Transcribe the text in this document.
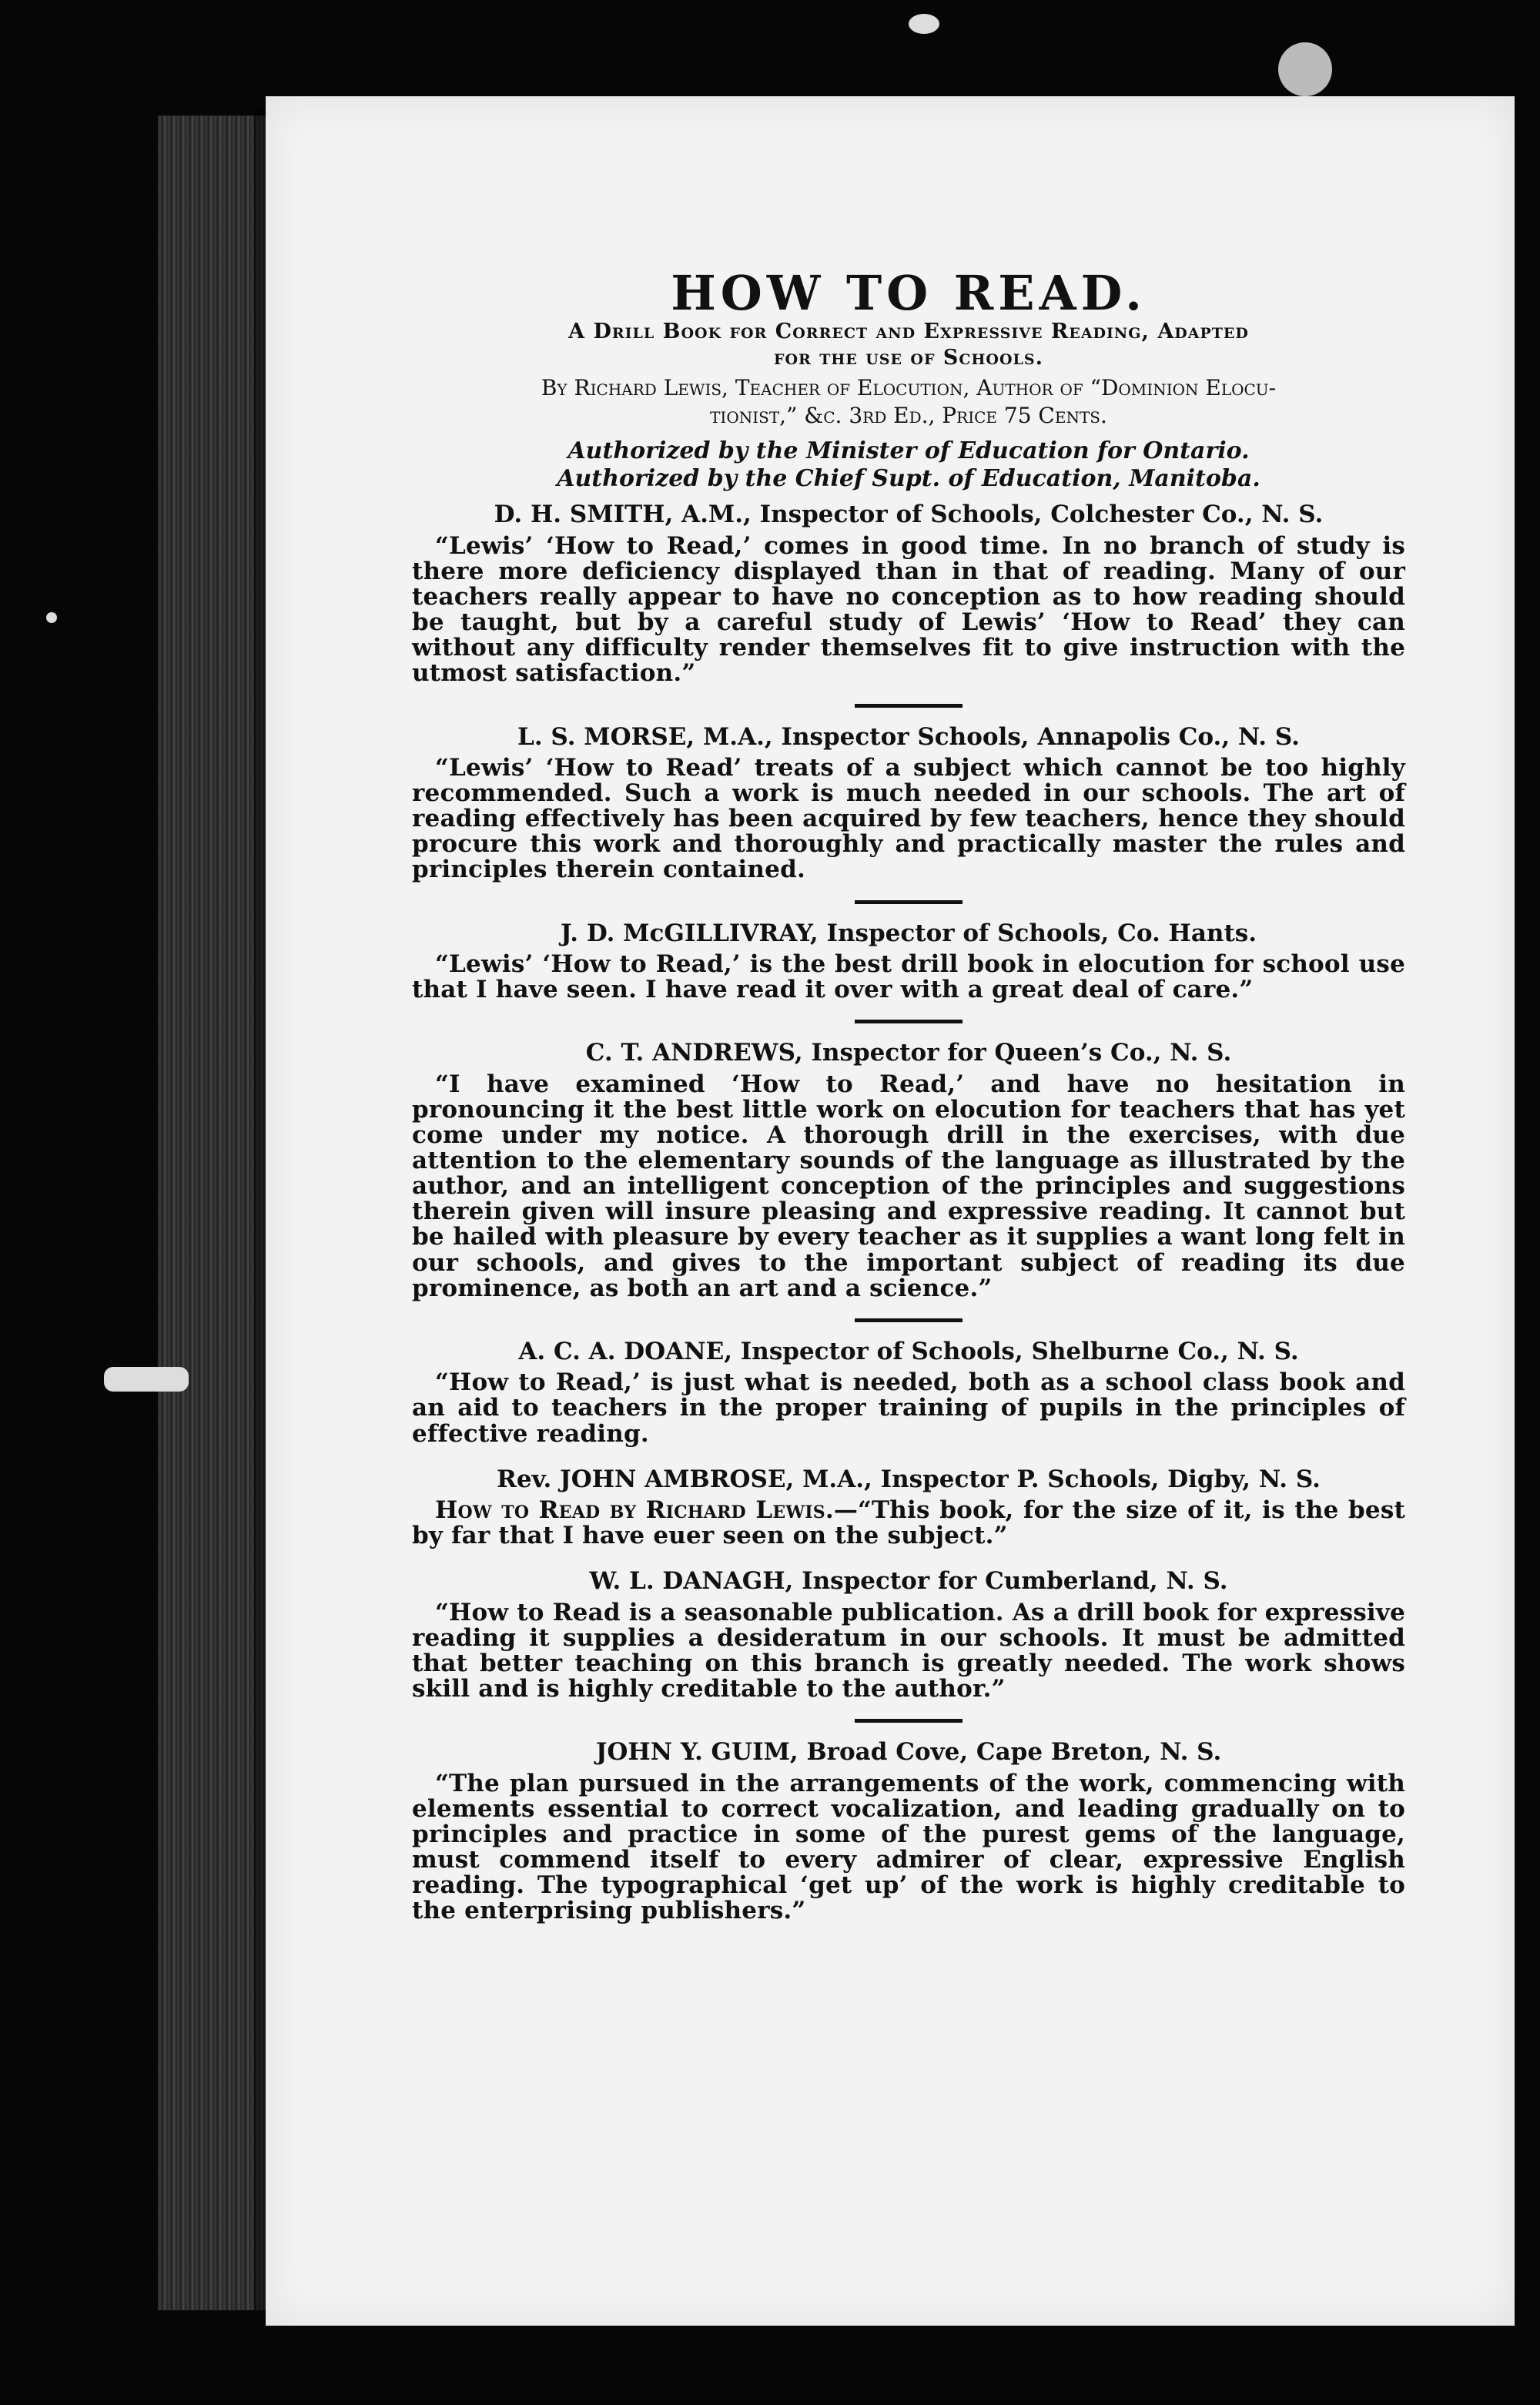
HOW TO READ.

A Drill Book for Correct and Expressive Reading, Adapted

for the use of Schools.

By Richard Lewis, Teacher of Elocution, Author of “Dominion Elocu-

tionist,” &c. 3rd Ed., Price 75 Cents.

Authorized by the Minister of Education for Ontario.

Authorized by the Chief Supt. of Education, Manitoba.

D. H. SMITH, A.M., Inspector of Schools, Colchester Co., N. S.

“Lewis’ ‘How to Read,’ comes in good time. In no branch of study is there more deficiency displayed than in that of reading. Many of our teachers really appear to have no conception as to how reading should be taught, but by a careful study of Lewis’ ‘How to Read’ they can without any difficulty render themselves fit to give instruction with the utmost satisfaction.”

L. S. MORSE, M.A., Inspector Schools, Annapolis Co., N. S.

“Lewis’ ‘How to Read’ treats of a subject which cannot be too highly recommended. Such a work is much needed in our schools. The art of reading effectively has been acquired by few teachers, hence they should procure this work and thoroughly and practically master the rules and principles therein contained.

J. D. McGILLIVRAY, Inspector of Schools, Co. Hants.

“Lewis’ ‘How to Read,’ is the best drill book in elocution for school use that I have seen. I have read it over with a great deal of care.”

C. T. ANDREWS, Inspector for Queen’s Co., N. S.

“I have examined ‘How to Read,’ and have no hesitation in pronouncing it the best little work on elocution for teachers that has yet come under my notice. A thorough drill in the exercises, with due attention to the elementary sounds of the language as illustrated by the author, and an intelligent conception of the principles and suggestions therein given will insure pleasing and expressive reading. It cannot but be hailed with pleasure by every teacher as it supplies a want long felt in our schools, and gives to the important subject of reading its due prominence, as both an art and a science.”

A. C. A. DOANE, Inspector of Schools, Shelburne Co., N. S.

“How to Read,’ is just what is needed, both as a school class book and an aid to teachers in the proper training of pupils in the principles of effective reading.

Rev. JOHN AMBROSE, M.A., Inspector P. Schools, Digby, N. S.

How to Read by Richard Lewis.—“This book, for the size of it, is the best by far that I have euer seen on the subject.”

W. L. DANAGH, Inspector for Cumberland, N. S.

“How to Read is a seasonable publication. As a drill book for expressive reading it supplies a desideratum in our schools. It must be admitted that better teaching on this branch is greatly needed. The work shows skill and is highly creditable to the author.”

JOHN Y. GUIM, Broad Cove, Cape Breton, N. S.

“The plan pursued in the arrangements of the work, commencing with elements essential to correct vocalization, and leading gradually on to principles and practice in some of the purest gems of the language, must commend itself to every admirer of clear, expressive English reading. The typographical ‘get up’ of the work is highly creditable to the enterprising publishers.”
